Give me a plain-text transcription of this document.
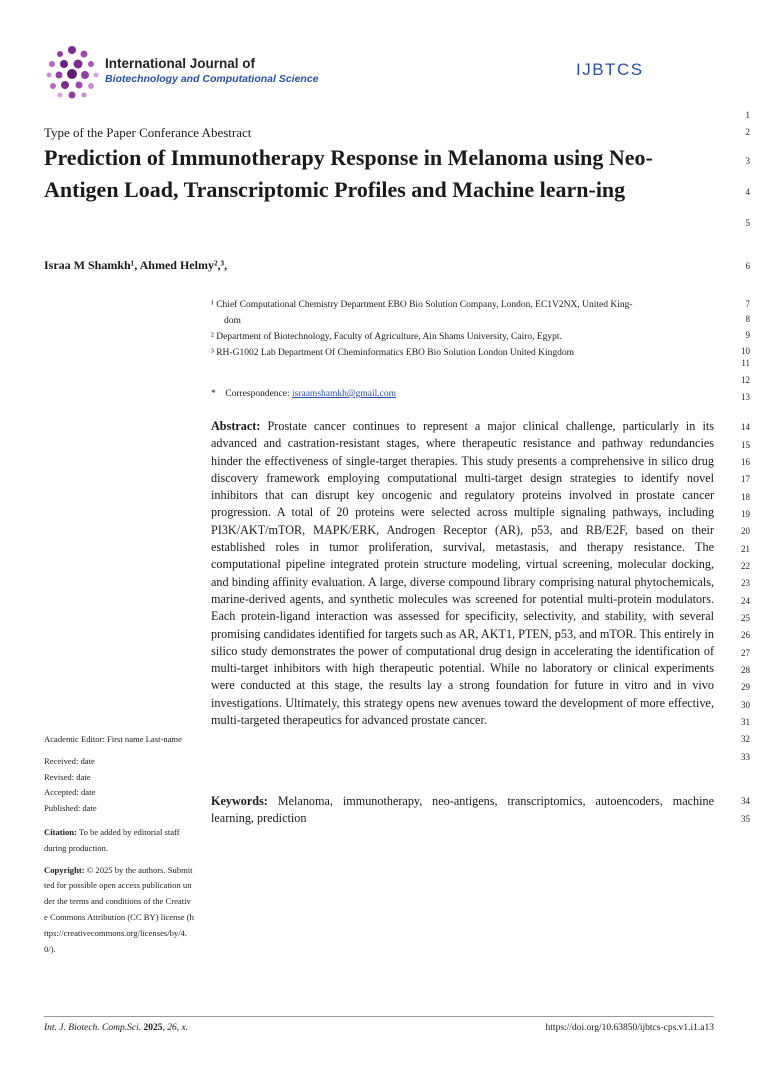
International Journal of
Biotechnology and Computational Science	IJBTCS
Type of the Paper Conferance Abestract
Prediction of Immunotherapy Response in Melanoma using Neo-Antigen Load, Transcriptomic Profiles and Machine learn-ing
Israa M Shamkh¹, Ahmed Helmy²,³,
¹ Chief Computational Chemistry Department EBO Bio Solution Company, London, EC1V2NX, United King-
dom
² Department of Biotechnology, Faculty of Agriculture, Ain Shams University, Cairo, Egypt.
³ RH-G1002 Lab Department Of Cheminformatics EBO Bio Solution London United Kingdom
*    Correspondence: israamshamkh@gmail.com
Abstract: Prostate cancer continues to represent a major clinical challenge, particularly in its advanced and castration-resistant stages, where therapeutic resistance and pathway redundancies hinder the effectiveness of single-target therapies. This study presents a comprehensive in silico drug discovery framework employing computational multi-target design strategies to identify novel inhibitors that can disrupt key oncogenic and regulatory proteins involved in prostate cancer progression. A total of 20 proteins were selected across multiple signaling pathways, including PI3K/AKT/mTOR, MAPK/ERK, Androgen Receptor (AR), p53, and RB/E2F, based on their established roles in tumor proliferation, survival, metastasis, and therapy resistance. The computational pipeline integrated protein structure modeling, virtual screening, molecular docking, and binding affinity evaluation. A large, diverse compound library comprising natural phytochemicals, marine-derived agents, and synthetic molecules was screened for potential multi-protein modulators. Each protein-ligand interaction was assessed for specificity, selectivity, and stability, with several promising candidates identified for targets such as AR, AKT1, PTEN, p53, and mTOR. This entirely in silico study demonstrates the power of computational drug design in accelerating the identification of multi-target inhibitors with high therapeutic potential. While no laboratory or clinical experiments were conducted at this stage, the results lay a strong foundation for future in vitro and in vivo investigations. Ultimately, this strategy opens new avenues toward the development of more effective, multi-targeted therapeutics for advanced prostate cancer.
Keywords: Melanoma, immunotherapy, neo-antigens, transcriptomics, autoencoders, machine learning, prediction

Academic Editor: First name Last-name

Received: date
Revised: date
Accepted: date
Published: date

Citation: To be added by editorial staff during production.

Copyright: © 2025 by the authors. Submitted for possible open access publication under the terms and conditions of the Creative Commons Attribution (CC BY) license (https://creativecommons.org/licenses/by/4.0/).

1
2
3
4
5
6
7
8
9
10
11
12
13
14
15
16
17
18
19
20
21
22
23
24
25
26
27
28
29
30
31
32
33
34
35
Int. J. Biotech. Comp.Sci. 2025, 26, x.	https://doi.org/10.63850/ijbtcs-cps.v1.i1.a13
